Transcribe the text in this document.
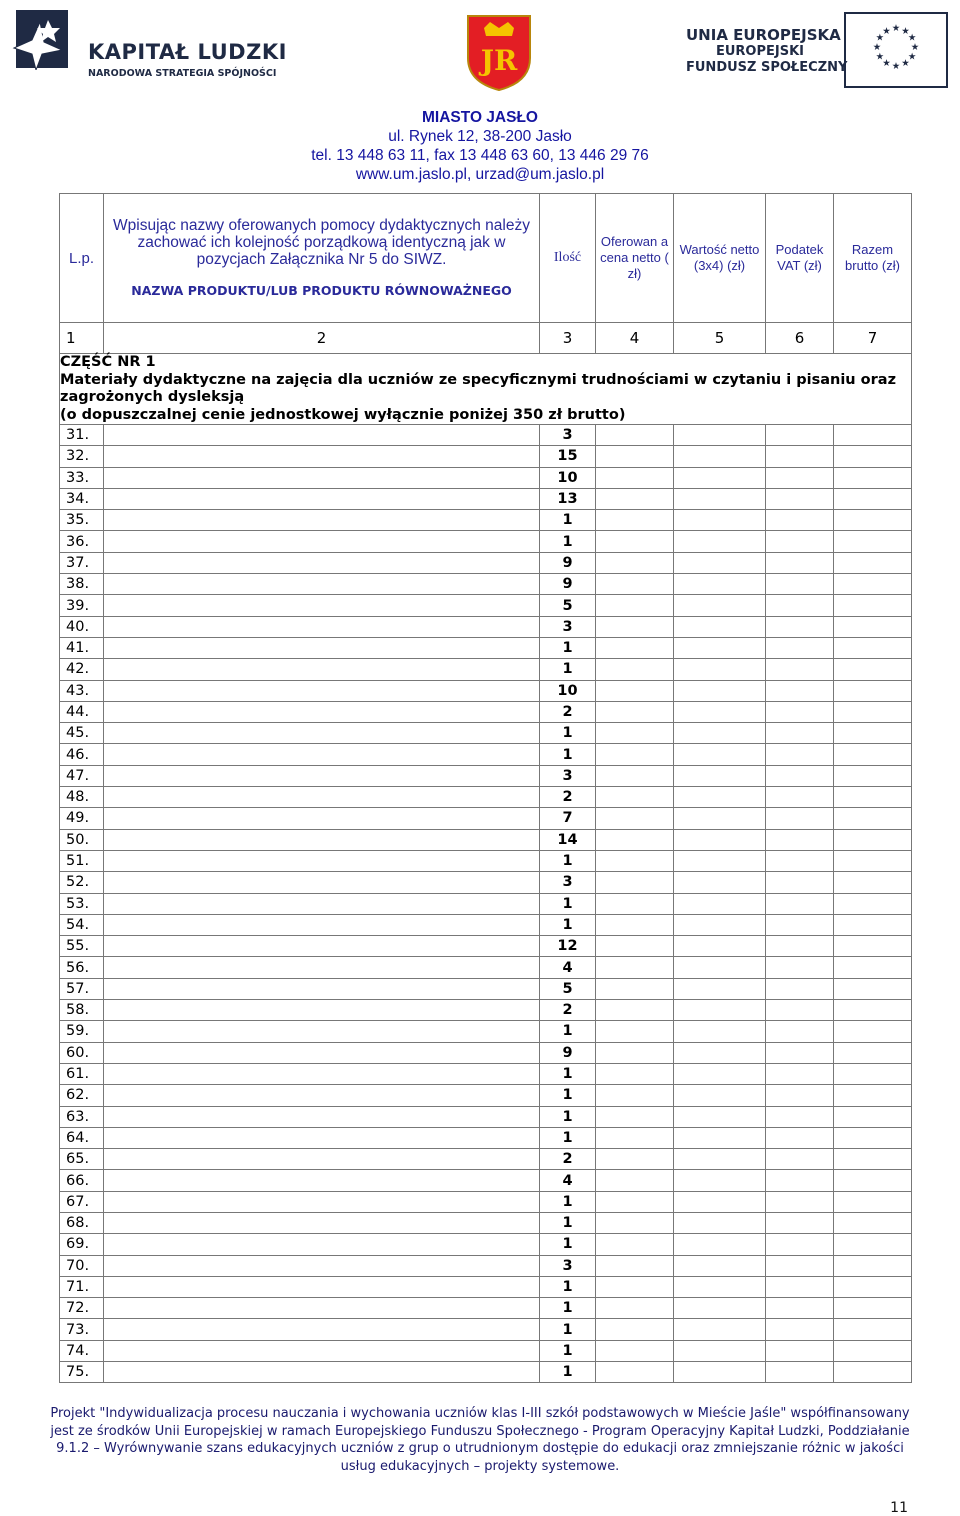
KAPITAŁ LUDZKI
NARODOWA STRATEGIA SPÓJNOŚCI	JR
UNIA EUROPEJSKA
EUROPEJSKI
FUNDUSZ SPOŁECZNY
★ ★
★
★
★
★
★
★
★
★
★
★
MIASTO JASŁO
ul. Rynek 12, 38-200 Jasło
tel. 13 448 63 11, fax 13 448 63 60, 13 446 29 76
www.um.jaslo.pl, urzad@um.jaslo.pl
L.p.	Wpisując nazwy oferowanych pomocy dydaktycznych należy zachować ich kolejność porządkową identyczną jak w pozycjach Załącznika Nr 5 do SIWZ.
NAZWA PRODUKTU/LUB PRODUKTU RÓWNOWAŻNEGO	Ilość	Oferowan a cena netto ( zł)	Wartość netto (3x4) (zł)	Podatek VAT (zł)	Razem brutto (zł)
1	2	3	4	5	6	7

CZĘŚĆ NR 1
Materiały dydaktyczne na zajęcia dla uczniów ze specyficznymi trudnościami w czytaniu i pisaniu oraz zagrożonych dysleksją
(o dopuszczalnej cenie jednostkowej wyłącznie poniżej 350 zł brutto)						

31.		3				
32.		15				
33.		10				
34.		13				
35.		1				
36.		1				
37.		9				
38.		9				
39.		5				
40.		3				
41.		1				
42.		1				
43.		10				
44.		2				
45.		1				
46.		1				
47.		3				
48.		2				
49.		7				
50.		14				
51.		1				
52.		3				
53.		1				
54.		1				
55.		12				
56.		4				
57.		5				
58.		2				
59.		1				
60.		9				
61.		1				
62.		1				
63.		1				
64.		1				
65.		2				
66.		4				
67.		1				
68.		1				
69.		1				
70.		3				
71.		1				
72.		1				
73.		1				
74.		1				
75.		1				
Projekt "Indywidualizacja procesu nauczania i wychowania uczniów klas I-III szkół podstawowych w Mieście Jaśle" współfinansowany
jest ze środków Unii Europejskiej w ramach Europejskiego Funduszu Społecznego - Program Operacyjny Kapitał Ludzki, Poddziałanie
9.1.2 – Wyrównywanie szans edukacyjnych uczniów z grup o utrudnionym dostępie do edukacji oraz zmniejszanie różnic w jakości
usług edukacyjnych – projekty systemowe.
11
